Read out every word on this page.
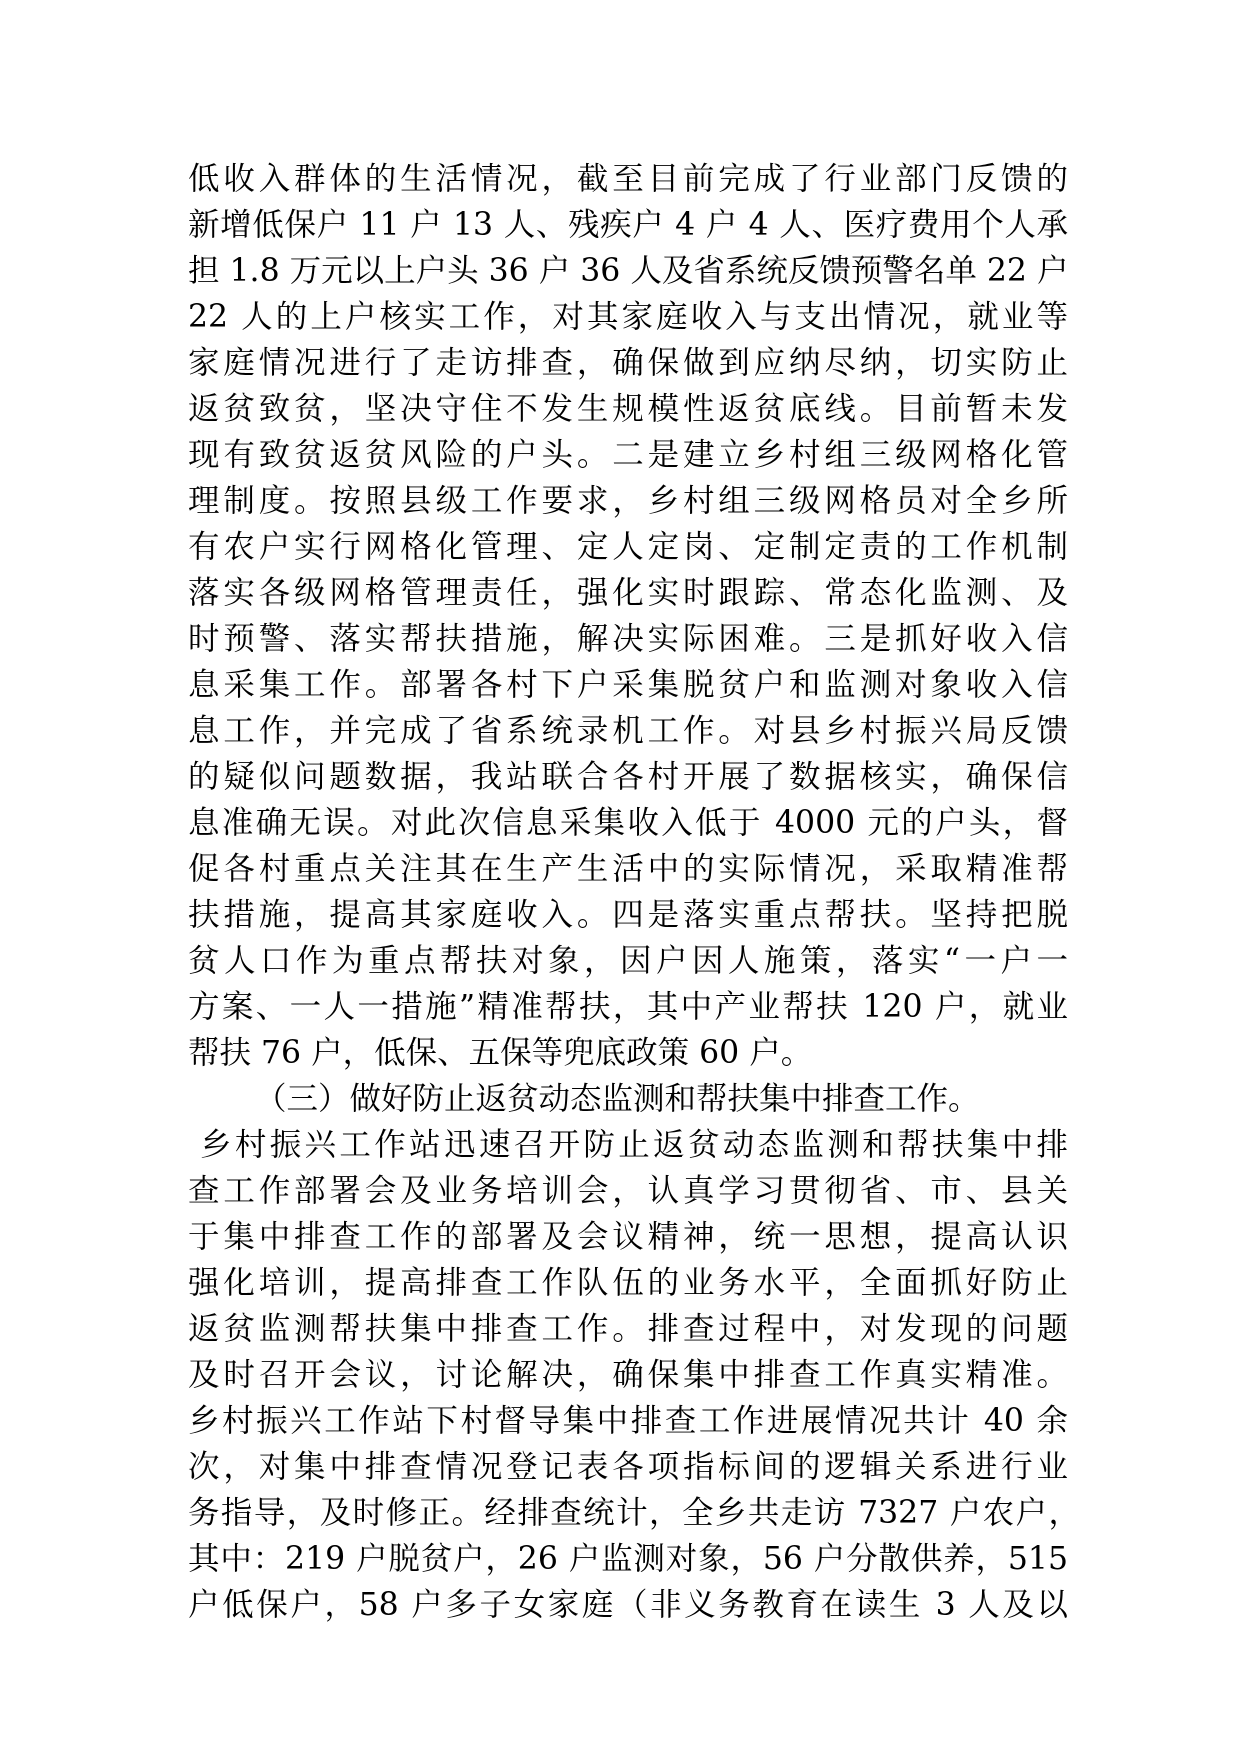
低收入群体的生活情况，截至目前完成了行业部门反馈的
新增低保户 11 户 13 人、残疾户 4 户 4 人、医疗费用个人承
担 1.8 万元以上户头 36 户 36 人及省系统反馈预警名单 22 户
22 人的上户核实工作，对其家庭收入与支出情况，就业等
家庭情况进行了走访排查，确保做到应纳尽纳，切实防止
返贫致贫，坚决守住不发生规模性返贫底线。目前暂未发
现有致贫返贫风险的户头。二是建立乡村组三级网格化管
理制度。按照县级工作要求，乡村组三级网格员对全乡所
有农户实行网格化管理、定人定岗、定制定责的工作机制
落实各级网格管理责任，强化实时跟踪、常态化监测、及
时预警、落实帮扶措施，解决实际困难。三是抓好收入信
息采集工作。部署各村下户采集脱贫户和监测对象收入信
息工作，并完成了省系统录机工作。对县乡村振兴局反馈
的疑似问题数据，我站联合各村开展了数据核实，确保信
息准确无误。对此次信息采集收入低于 4000 元的户头，督
促各村重点关注其在生产生活中的实际情况，采取精准帮
扶措施，提高其家庭收入。四是落实重点帮扶。坚持把脱
贫人口作为重点帮扶对象，因户因人施策，落实“一户一
方案、一人一措施”精准帮扶，其中产业帮扶 120 户，就业
帮扶 76 户，低保、五保等兜底政策 60 户。
（三）做好防止返贫动态监测和帮扶集中排查工作。
乡村振兴工作站迅速召开防止返贫动态监测和帮扶集中排
查工作部署会及业务培训会，认真学习贯彻省、市、县关
于集中排查工作的部署及会议精神，统一思想，提高认识
强化培训，提高排查工作队伍的业务水平，全面抓好防止
返贫监测帮扶集中排查工作。排查过程中，对发现的问题
及时召开会议，讨论解决，确保集中排查工作真实精准。
乡村振兴工作站下村督导集中排查工作进展情况共计 40 余
次，对集中排查情况登记表各项指标间的逻辑关系进行业
务指导，及时修正。经排查统计，全乡共走访 7327 户农户，
其中：219 户脱贫户，26 户监测对象，56 户分散供养，515
户低保户，58 户多子女家庭（非义务教育在读生 3 人及以
